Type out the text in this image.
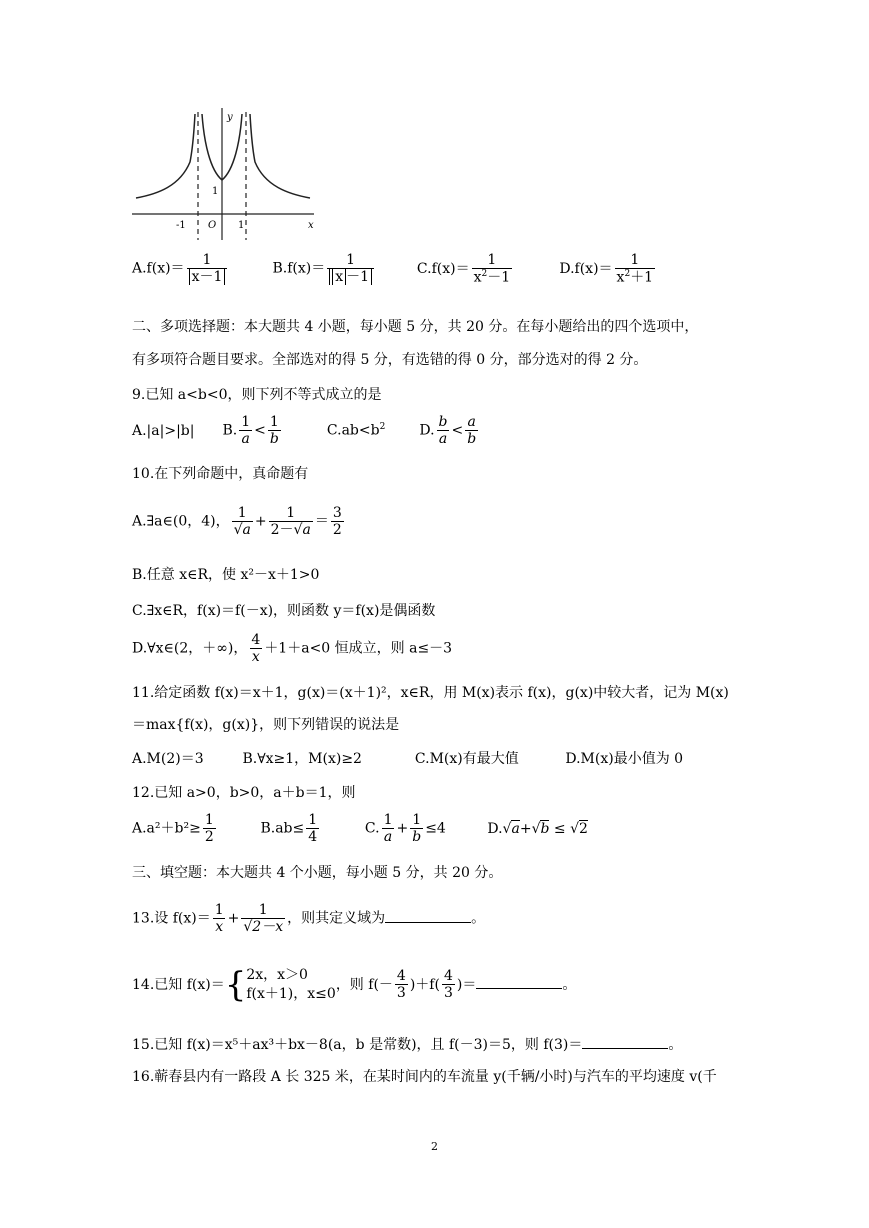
y
x
1
-1 O 1
$A.f(x)= \frac{1}{x-1}$	$B.f(x)= \frac{1}{x -1}$	$C.f(x)= \frac{1}{x^2-1}$	$D.f(x)= \frac{1}{x^2+1}$
二、多项选择题：本大题共 4 小题，每小题 5 分，共 20 分。在每小题给出的四个选项中，
有多项符合题目要求。全部选对的得 5 分，有选错的得 0 分，部分选对的得 2 分。
9.已知 a<b<0，则下列不等式成立的是
A.|a|>|b| B. $\frac{1}{a} < \frac{1}{b}$	$C.ab<b^2$ D. $\frac{b}{a} < \frac{a}{b}$
10.在下列命题中，真命题有
A.∃a∈(0，4)， $\frac{1}{√a} + \frac{1}{2-√a} = \frac{3}{2}$
B.任意 x∈R，使 x²－x＋1>0
C.∃x∈R，f(x)＝f(－x)，则函数 y＝f(x)是偶函数
D.∀x∈(2，＋∞)， $\frac{4}{x} +1+a<0$ 恒成立，则 a≤－3
11.给定函数 f(x)＝x＋1，g(x)＝(x＋1)²，x∈R，用 M(x)表示 f(x)，g(x)中较大者，记为 M(x)
＝max{f(x)，g(x)}，则下列错误的说法是
A.M(2)＝3	B.∀x≥1，M(x)≥2	C.M(x)有最大值	D.M(x)最小值为 0
12.已知 a>0，b>0，a＋b＝1，则
$A.a^2+b^2\ge \frac{1}{2}$	$B.ab\le \frac{1}{4}$	C. $\frac{1}{a} + \frac{1}{b} \le 4$	D.√a+√b ≤ √2
三、填空题：本大题共 4 个小题，每小题 5 分，共 20 分。
13.设 $f(x)= \frac{1}{x} + \frac{1}{√2-x}$ ，则其定义域为	。
14.已知 f(x)＝{ 2x，x＞0
f(x＋1)，x≤0
，则 $f(- \frac{4}{3} )+f( \frac{4}{3}$ )＝	。
15.已知 f(x)＝x⁵＋ax³＋bx－8(a，b 是常数)，且 f(－3)＝5，则 f(3)＝	。
16.蕲春县内有一路段 A 长 325 米，在某时间内的车流量 y(千辆/小时)与汽车的平均速度 v(千
2
